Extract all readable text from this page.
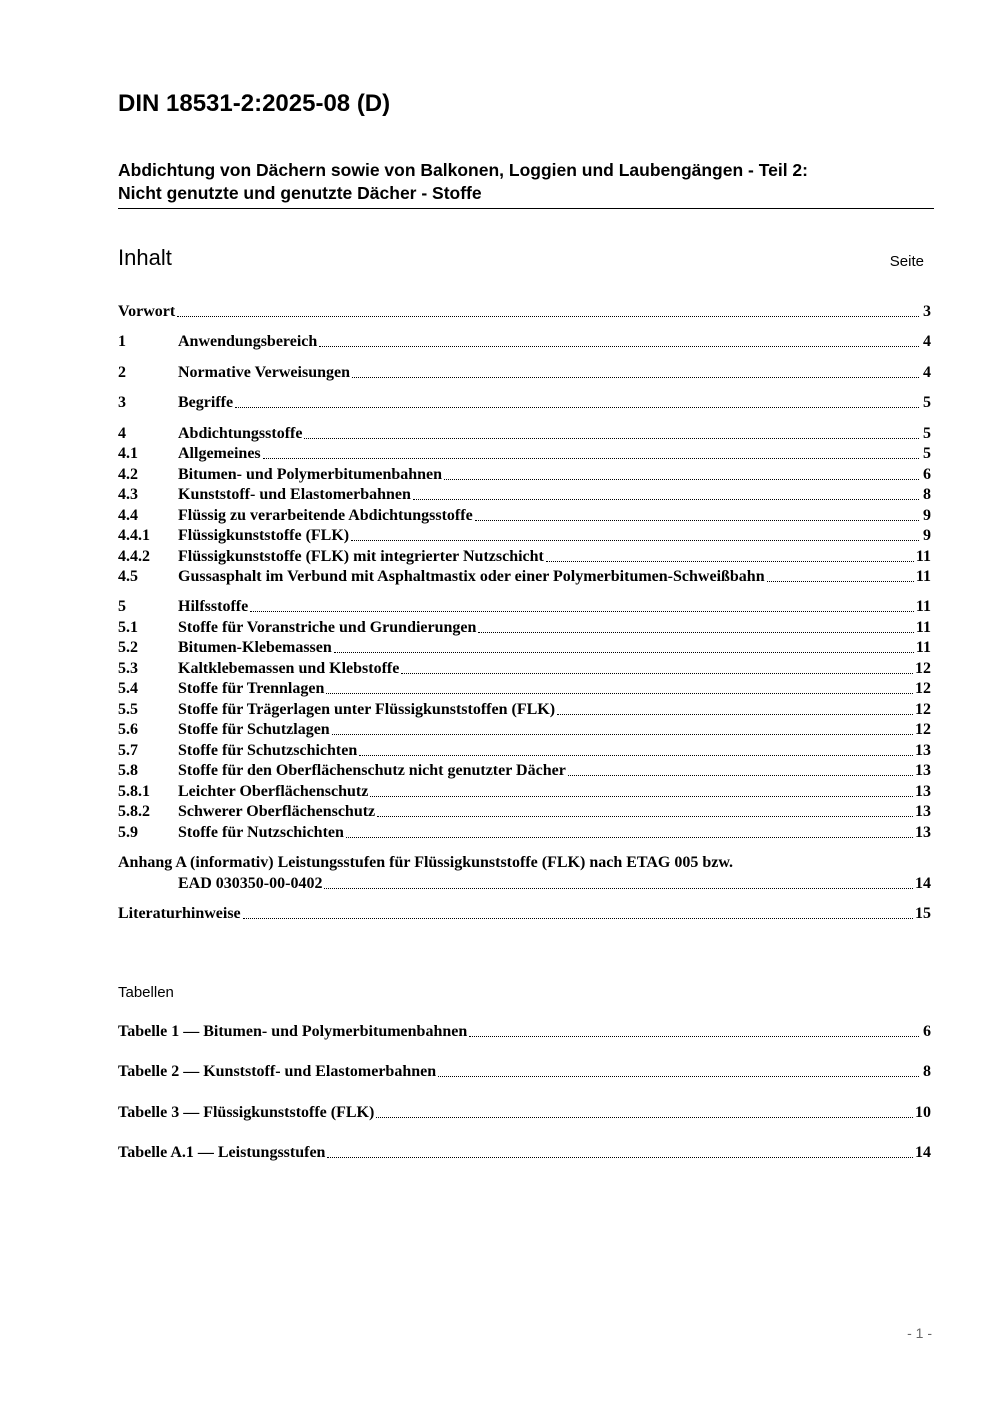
DIN 18531-2:2025-08 (D)
Abdichtung von Dächern sowie von Balkonen, Loggien und Laubengängen - Teil 2:
Nicht genutzte und genutzte Dächer - Stoffe
Inhalt	Seite
Vorwort	3
1	Anwendungsbereich	4
2	Normative Verweisungen	4
3	Begriffe	5
4	Abdichtungsstoffe	5
4.1	Allgemeines	5
4.2	Bitumen- und Polymerbitumenbahnen	6
4.3	Kunststoff- und Elastomerbahnen	8
4.4	Flüssig zu verarbeitende Abdichtungsstoffe	9
4.4.1	Flüssigkunststoffe (FLK)	9
4.4.2	Flüssigkunststoffe (FLK) mit integrierter Nutzschicht	11
4.5	Gussasphalt im Verbund mit Asphaltmastix oder einer Polymerbitumen-Schweißbahn	11
5	Hilfsstoffe	11
5.1	Stoffe für Voranstriche und Grundierungen	11
5.2	Bitumen-Klebemassen	11
5.3	Kaltklebemassen und Klebstoffe	12
5.4	Stoffe für Trennlagen	12
5.5	Stoffe für Trägerlagen unter Flüssigkunststoffen (FLK)	12
5.6	Stoffe für Schutzlagen	12
5.7	Stoffe für Schutzschichten	13
5.8	Stoffe für den Oberflächenschutz nicht genutzter Dächer	13
5.8.1	Leichter Oberflächenschutz	13
5.8.2	Schwerer Oberflächenschutz	13
5.9	Stoffe für Nutzschichten	13
Anhang A (informativ) Leistungsstufen für Flüssigkunststoffe (FLK) nach ETAG 005 bzw.
EAD 030350-00-0402	14
Literaturhinweise	15
Tabellen
Tabelle 1 — Bitumen- und Polymerbitumenbahnen	6
Tabelle 2 — Kunststoff- und Elastomerbahnen	8
Tabelle 3 — Flüssigkunststoffe (FLK)	10
Tabelle A.1 — Leistungsstufen	14
- 1 -
